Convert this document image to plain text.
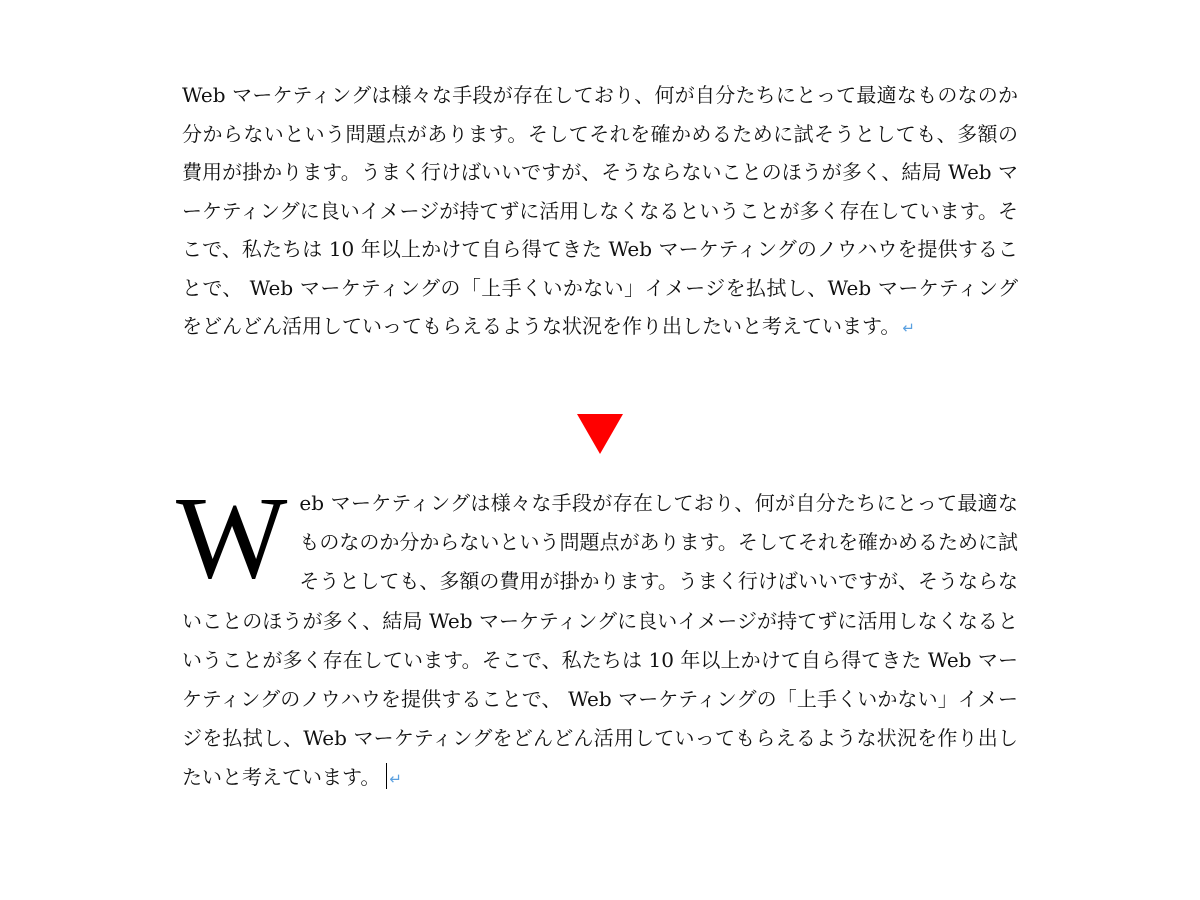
Web マーケティングは様々な手段が存在しており、何が自分たちにとって最適なものなのか分からないという問題点があります。そしてそれを確かめるために試そうとしても、多額の費用が掛かります。うまく行けばいいですが、そうならないことのほうが多く、結局 Web マーケティングに良いイメージが持てずに活用しなくなるということが多く存在しています。そこで、私たちは 10 年以上かけて自ら得てきた Web マーケティングのノウハウを提供することで、 Web マーケティングの「上手くいかない」イメージを払拭し、Web マーケティングをどんどん活用していってもらえるような状況を作り出したいと考えています。 ↵

Web マーケティングは様々な手段が存在しており、何が自分たちにとって最適なものなのか分からないという問題点があります。そしてそれを確かめるために試そうとしても、多額の費用が掛かります。うまく行けばいいですが、そうならないことのほうが多く、結局 Web マーケティングに良いイメージが持てずに活用しなくなるということが多く存在しています。そこで、私たちは 10 年以上かけて自ら得てきた Web マーケティングのノウハウを提供することで、 Web マーケティングの「上手くいかない」イメージを払拭し、Web マーケティングをどんどん活用していってもらえるような状況を作り出したいと考えています。 ↵
